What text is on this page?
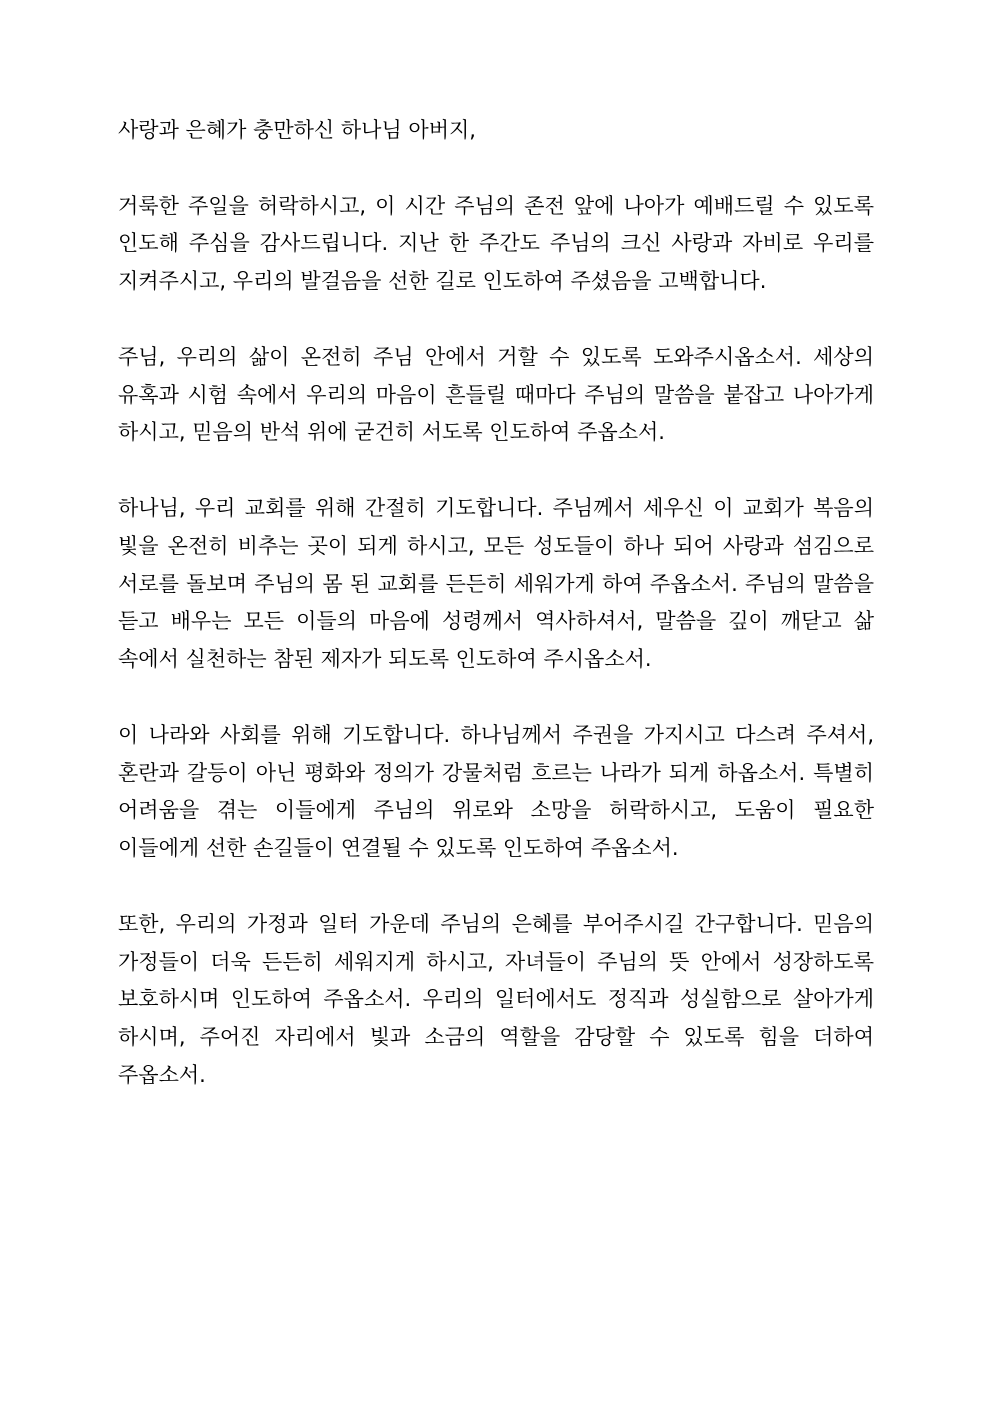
사랑과 은혜가 충만하신 하나님 아버지,

거룩한 주일을 허락하시고, 이 시간 주님의 존전 앞에 나아가 예배드릴 수 있도록 인도해 주심을 감사드립니다. 지난 한 주간도 주님의 크신 사랑과 자비로 우리를 지켜주시고, 우리의 발걸음을 선한 길로 인도하여 주셨음을 고백합니다.

주님, 우리의 삶이 온전히 주님 안에서 거할 수 있도록 도와주시옵소서. 세상의 유혹과 시험 속에서 우리의 마음이 흔들릴 때마다 주님의 말씀을 붙잡고 나아가게 하시고, 믿음의 반석 위에 굳건히 서도록 인도하여 주옵소서.

하나님, 우리 교회를 위해 간절히 기도합니다. 주님께서 세우신 이 교회가 복음의 빛을 온전히 비추는 곳이 되게 하시고, 모든 성도들이 하나 되어 사랑과 섬김으로 서로를 돌보며 주님의 몸 된 교회를 든든히 세워가게 하여 주옵소서. 주님의 말씀을 듣고 배우는 모든 이들의 마음에 성령께서 역사하셔서, 말씀을 깊이 깨닫고 삶 속에서 실천하는 참된 제자가 되도록 인도하여 주시옵소서.

이 나라와 사회를 위해 기도합니다. 하나님께서 주권을 가지시고 다스려 주셔서, 혼란과 갈등이 아닌 평화와 정의가 강물처럼 흐르는 나라가 되게 하옵소서. 특별히 어려움을 겪는 이들에게 주님의 위로와 소망을 허락하시고, 도움이 필요한 이들에게 선한 손길들이 연결될 수 있도록 인도하여 주옵소서.

또한, 우리의 가정과 일터 가운데 주님의 은혜를 부어주시길 간구합니다. 믿음의 가정들이 더욱 든든히 세워지게 하시고, 자녀들이 주님의 뜻 안에서 성장하도록 보호하시며 인도하여 주옵소서. 우리의 일터에서도 정직과 성실함으로 살아가게 하시며, 주어진 자리에서 빛과 소금의 역할을 감당할 수 있도록 힘을 더하여 주옵소서.
